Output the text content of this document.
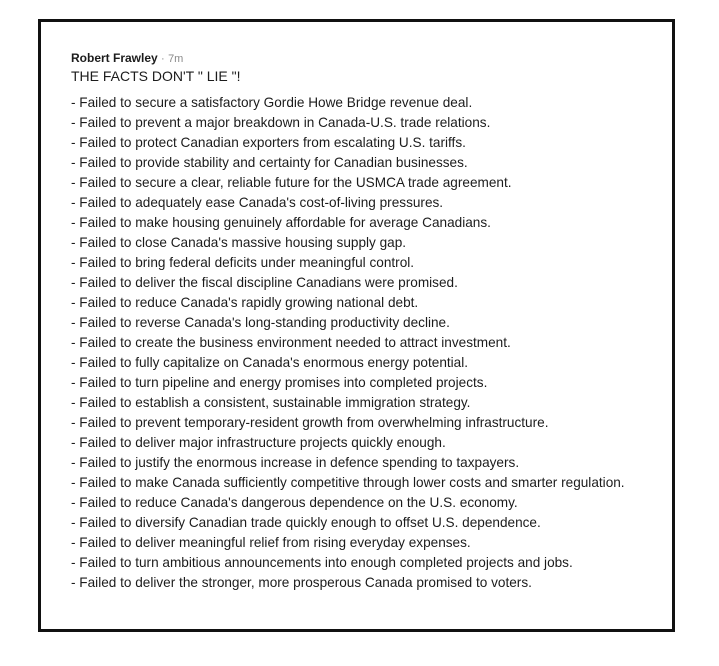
Robert Frawley · 7m
THE FACTS DON'T " LIE "!
- Failed to secure a satisfactory Gordie Howe Bridge revenue deal.
- Failed to prevent a major breakdown in Canada-U.S. trade relations.
- Failed to protect Canadian exporters from escalating U.S. tariffs.
- Failed to provide stability and certainty for Canadian businesses.
- Failed to secure a clear, reliable future for the USMCA trade agreement.
- Failed to adequately ease Canada's cost-of-living pressures.
- Failed to make housing genuinely affordable for average Canadians.
- Failed to close Canada's massive housing supply gap.
- Failed to bring federal deficits under meaningful control.
- Failed to deliver the fiscal discipline Canadians were promised.
- Failed to reduce Canada's rapidly growing national debt.
- Failed to reverse Canada's long-standing productivity decline.
- Failed to create the business environment needed to attract investment.
- Failed to fully capitalize on Canada's enormous energy potential.
- Failed to turn pipeline and energy promises into completed projects.
- Failed to establish a consistent, sustainable immigration strategy.
- Failed to prevent temporary-resident growth from overwhelming infrastructure.
- Failed to deliver major infrastructure projects quickly enough.
- Failed to justify the enormous increase in defence spending to taxpayers.
- Failed to make Canada sufficiently competitive through lower costs and smarter regulation.
- Failed to reduce Canada's dangerous dependence on the U.S. economy.
- Failed to diversify Canadian trade quickly enough to offset U.S. dependence.
- Failed to deliver meaningful relief from rising everyday expenses.
- Failed to turn ambitious announcements into enough completed projects and jobs.
- Failed to deliver the stronger, more prosperous Canada promised to voters.
